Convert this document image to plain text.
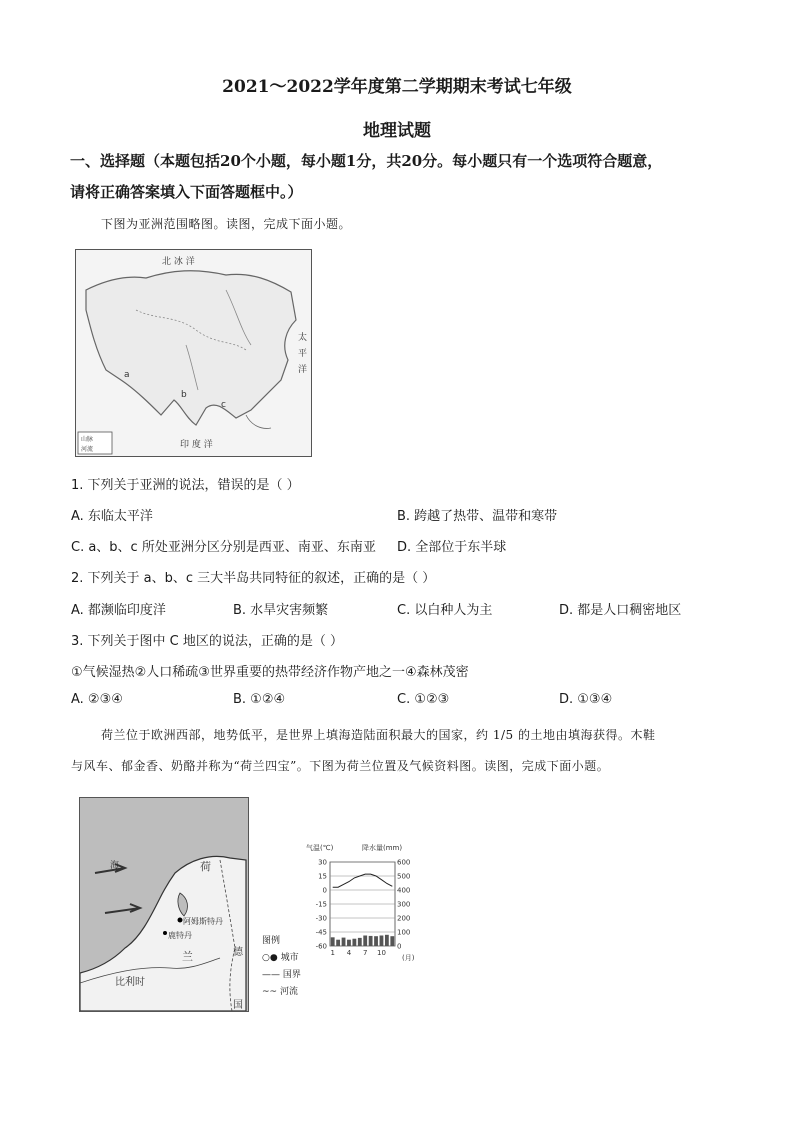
2021～2022学年度第二学期期末考试七年级
地理试题
一、选择题（本题包括20个小题，每小题1分，共20分。每小题只有一个选项符合题意，
请将正确答案填入下面答题框中。）
下图为亚洲范围略图。读图，完成下面小题。
北 冰 洋
太
平
洋
印 度 洋
a
b
c
山脉
河流
1. 下列关于亚洲的说法，错误的是（ ）
A. 东临太平洋	B. 跨越了热带、温带和寒带
C. a、b、c 所处亚洲分区分别是西亚、南亚、东南亚 D. 全部位于东半球
2. 下列关于 a、b、c 三大半岛共同特征的叙述，正确的是（ ）
A. 都濒临印度洋	B. 水旱灾害频繁	C. 以白种人为主	D. 都是人口稠密地区
3. 下列关于图中 C 地区的说法，正确的是（ ）
①气候湿热②人口稀疏③世界重要的热带经济作物产地之一④森林茂密
A. ②③④	B. ①②④	C. ①②③	D. ①③④
荷兰位于欧洲西部，地势低平，是世界上填海造陆面积最大的国家，约 1/5 的土地由填海获得。木鞋
与风车、郁金香、奶酪并称为“荷兰四宝”。下图为荷兰位置及气候资料图。读图，完成下面小题。
海	荷
兰
阿姆斯特丹
鹿特丹
德
国
比利时
图例
○● 城市
—— 国界
~~ 河流
气温(℃)	降水量(mm)
30
15
0
-15
-30
-45
-60
600
500
400
300
200
100
0
1 4 7 10
(月)
